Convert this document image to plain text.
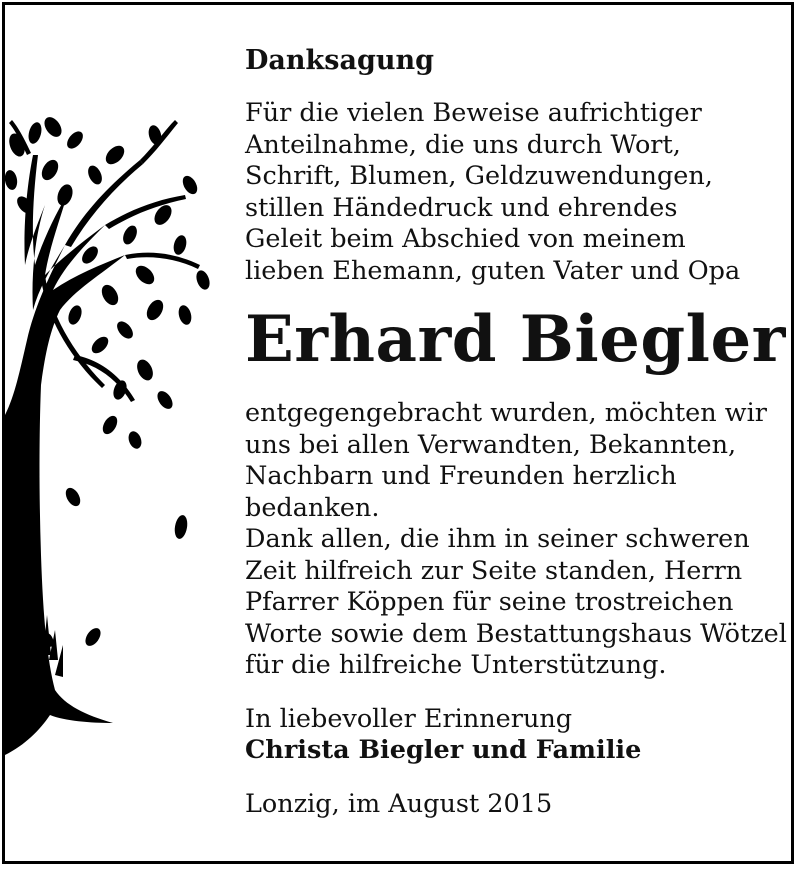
Danksagung
Für die vielen Beweise aufrichtiger
Anteilnahme, die uns durch Wort,
Schrift, Blumen, Geldzuwendungen,
stillen Händedruck und ehrendes
Geleit beim Abschied von meinem
lieben Ehemann, guten Vater und Opa
Erhard Biegler
entgegengebracht wurden, möchten wir
uns bei allen Verwandten, Bekannten,
Nachbarn und Freunden herzlich
bedanken.
Dank allen, die ihm in seiner schweren
Zeit hilfreich zur Seite standen, Herrn
Pfarrer Köppen für seine trostreichen
Worte sowie dem Bestattungshaus Wötzel
für die hilfreiche Unterstützung.
In liebevoller Erinnerung
Christa Biegler und Familie
Lonzig, im August 2015
